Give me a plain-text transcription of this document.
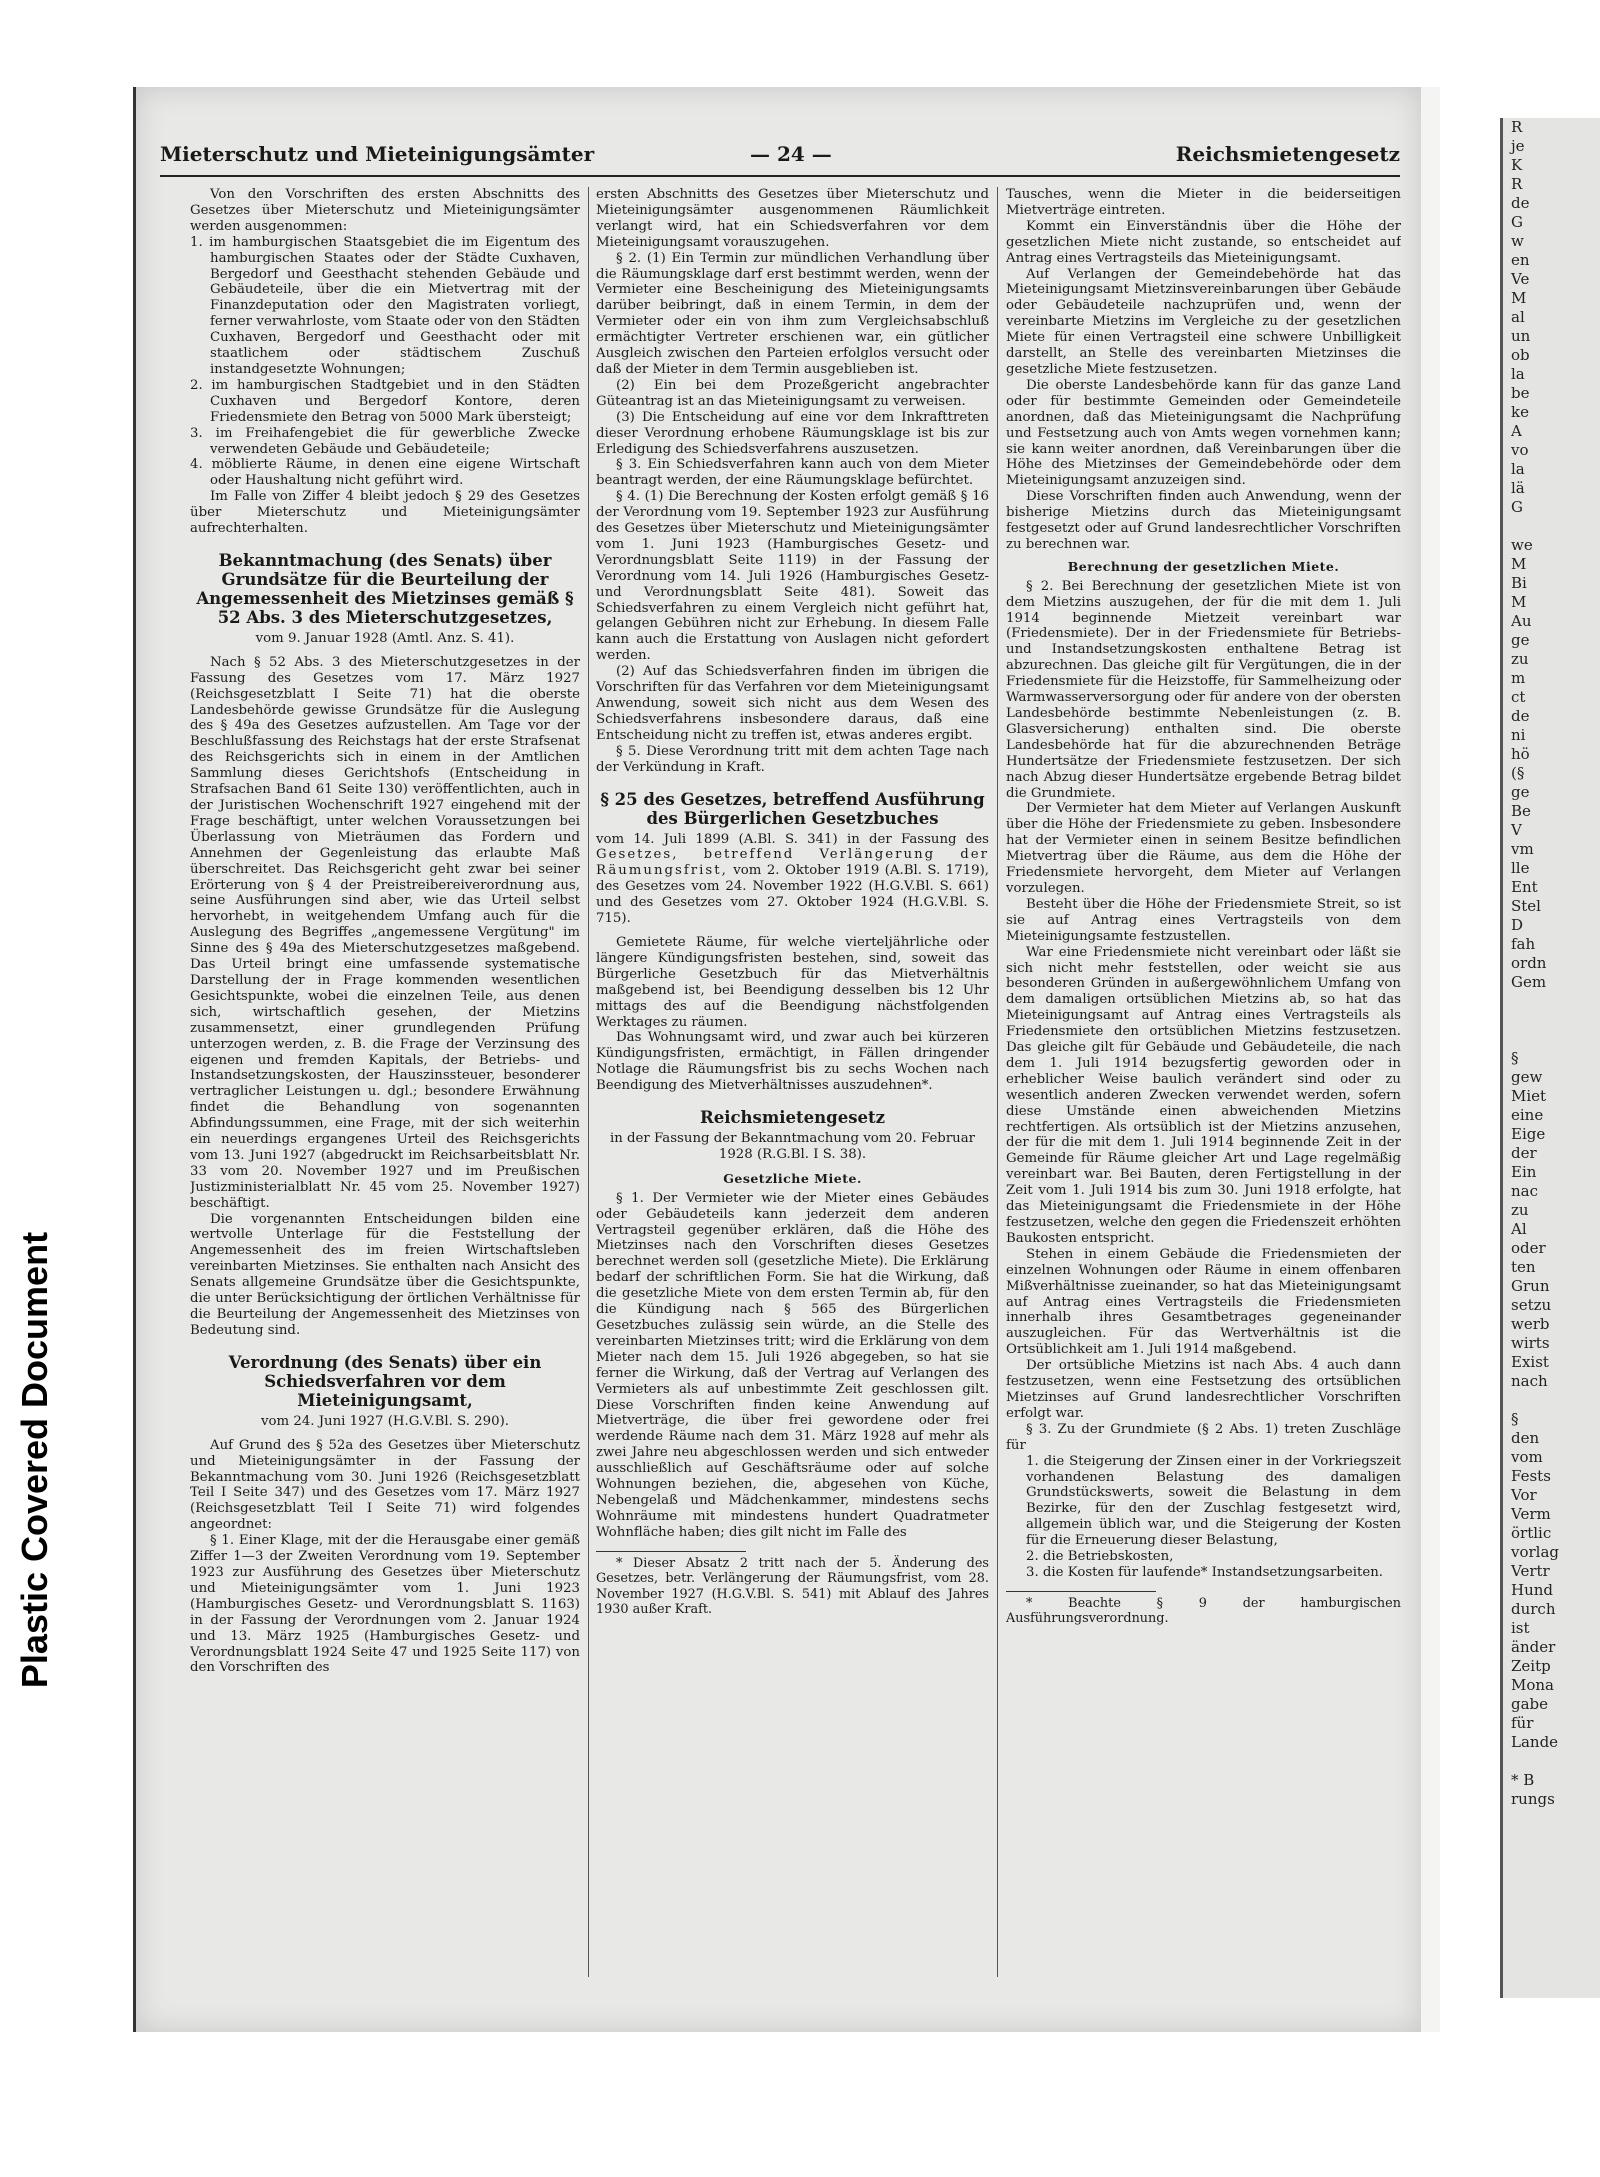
Plastic Covered Document
R
je
K
R
de
G
w
en
Ve
M
al
un
ob
la
be
ke
A
vo
la
lä
G

we
M
Bi
M
Au
ge
zu
m
ct
de
ni
hö
(§
ge
Be
V
vm
lle
Ent
Stel
D
fah
ordn
Gem

§
gew
Miet
eine
Eige
der
Ein
nac
zu
Al
oder
ten
Grun
setzu
werb
wirts
Exist
nach

§
den
vom
Fests
Vor
Verm
örtlic
vorlag
Vertr
Hund
durch
ist
änder
Zeitp
Mona
gabe
für
Lande

* B
rungs
Mieterschutz und Mieteinigungsämter	— 24 —	Reichsmietengesetz

Von den Vorschriften des ersten Abschnitts des Gesetzes über Mieterschutz und Mieteinigungsämter werden ausgenommen:

1. im hamburgischen Staatsgebiet die im Eigentum des hamburgischen Staates oder der Städte Cuxhaven, Bergedorf und Geesthacht stehenden Gebäude und Gebäudeteile, über die ein Mietvertrag mit der Finanzdeputation oder den Magistraten vorliegt, ferner verwahrloste, vom Staate oder von den Städten Cuxhaven, Bergedorf und Geesthacht oder mit staatlichem oder städtischem Zuschuß instandgesetzte Wohnungen;

2. im hamburgischen Stadtgebiet und in den Städten Cuxhaven und Bergedorf Kontore, deren Friedensmiete den Betrag von 5000 Mark übersteigt;

3. im Freihafengebiet die für gewerbliche Zwecke verwendeten Gebäude und Gebäudeteile;

4. möblierte Räume, in denen eine eigene Wirtschaft oder Haushaltung nicht geführt wird.

Im Falle von Ziffer 4 bleibt jedoch § 29 des Gesetzes über Mieterschutz und Mieteinigungsämter aufrechterhalten.

Bekanntmachung (des Senats) über Grundsätze für die Beurteilung der Angemessenheit des Mietzinses gemäß § 52 Abs. 3 des Mieterschutzgesetzes,
vom 9. Januar 1928 (Amtl. Anz. S. 41).

Nach § 52 Abs. 3 des Mieterschutzgesetzes in der Fassung des Gesetzes vom 17. März 1927 (Reichsgesetzblatt I Seite 71) hat die oberste Landesbehörde gewisse Grundsätze für die Auslegung des § 49a des Gesetzes aufzustellen. Am Tage vor der Beschlußfassung des Reichstags hat der erste Strafsenat des Reichsgerichts sich in einem in der Amtlichen Sammlung dieses Gerichtshofs (Entscheidung in Strafsachen Band 61 Seite 130) veröffentlichten, auch in der Juristischen Wochenschrift 1927 eingehend mit der Frage beschäftigt, unter welchen Voraussetzungen bei Überlassung von Mieträumen das Fordern und Annehmen der Gegenleistung das erlaubte Maß überschreitet. Das Reichsgericht geht zwar bei seiner Erörterung von § 4 der Preistreibereiverordnung aus, seine Ausführungen sind aber, wie das Urteil selbst hervorhebt, in weitgehendem Umfang auch für die Auslegung des Begriffes „angemessene Vergütung" im Sinne des § 49a des Mieterschutzgesetzes maßgebend. Das Urteil bringt eine umfassende systematische Darstellung der in Frage kommenden wesentlichen Gesichtspunkte, wobei die einzelnen Teile, aus denen sich, wirtschaftlich gesehen, der Mietzins zusammensetzt, einer grundlegenden Prüfung unterzogen werden, z. B. die Frage der Verzinsung des eigenen und fremden Kapitals, der Betriebs- und Instandsetzungskosten, der Hauszinssteuer, besonderer vertraglicher Leistungen u. dgl.; besondere Erwähnung findet die Behandlung von sogenannten Abfindungssummen, eine Frage, mit der sich weiterhin ein neuerdings ergangenes Urteil des Reichsgerichts vom 13. Juni 1927 (abgedruckt im Reichsarbeitsblatt Nr. 33 vom 20. November 1927 und im Preußischen Justizministerialblatt Nr. 45 vom 25. November 1927) beschäftigt.

Die vorgenannten Entscheidungen bilden eine wertvolle Unterlage für die Feststellung der Angemessenheit des im freien Wirtschaftsleben vereinbarten Mietzinses. Sie enthalten nach Ansicht des Senats allgemeine Grundsätze über die Gesichtspunkte, die unter Berücksichtigung der örtlichen Verhältnisse für die Beurteilung der Angemessenheit des Mietzinses von Bedeutung sind.

Verordnung (des Senats) über ein Schiedsverfahren vor dem Mieteinigungsamt,
vom 24. Juni 1927 (H.G.V.Bl. S. 290).

Auf Grund des § 52a des Gesetzes über Mieterschutz und Mieteinigungsämter in der Fassung der Bekanntmachung vom 30. Juni 1926 (Reichsgesetzblatt Teil I Seite 347) und des Gesetzes vom 17. März 1927 (Reichsgesetzblatt Teil I Seite 71) wird folgendes angeordnet:

§ 1. Einer Klage, mit der die Herausgabe einer gemäß Ziffer 1—3 der Zweiten Verordnung vom 19. September 1923 zur Ausführung des Gesetzes über Mieterschutz und Mieteinigungsämter vom 1. Juni 1923 (Hamburgisches Gesetz- und Verordnungsblatt S. 1163) in der Fassung der Verordnungen vom 2. Januar 1924 und 13. März 1925 (Hamburgisches Gesetz- und Verordnungsblatt 1924 Seite 47 und 1925 Seite 117) von den Vorschriften des

ersten Abschnitts des Gesetzes über Mieterschutz und Mieteinigungsämter ausgenommenen Räumlichkeit verlangt wird, hat ein Schiedsverfahren vor dem Mieteinigungsamt vorauszugehen.

§ 2. (1) Ein Termin zur mündlichen Verhandlung über die Räumungsklage darf erst bestimmt werden, wenn der Vermieter eine Bescheinigung des Mieteinigungsamts darüber beibringt, daß in einem Termin, in dem der Vermieter oder ein von ihm zum Vergleichsabschluß ermächtigter Vertreter erschienen war, ein gütlicher Ausgleich zwischen den Parteien erfolglos versucht oder daß der Mieter in dem Termin ausgeblieben ist.

(2) Ein bei dem Prozeßgericht angebrachter Güteantrag ist an das Mieteinigungsamt zu verweisen.

(3) Die Entscheidung auf eine vor dem Inkrafttreten dieser Verordnung erhobene Räumungsklage ist bis zur Erledigung des Schiedsverfahrens auszusetzen.

§ 3. Ein Schiedsverfahren kann auch von dem Mieter beantragt werden, der eine Räumungsklage befürchtet.

§ 4. (1) Die Berechnung der Kosten erfolgt gemäß § 16 der Verordnung vom 19. September 1923 zur Ausführung des Gesetzes über Mieterschutz und Mieteinigungsämter vom 1. Juni 1923 (Hamburgisches Gesetz- und Verordnungsblatt Seite 1119) in der Fassung der Verordnung vom 14. Juli 1926 (Hamburgisches Gesetz- und Verordnungsblatt Seite 481). Soweit das Schiedsverfahren zu einem Vergleich nicht geführt hat, gelangen Gebühren nicht zur Erhebung. In diesem Falle kann auch die Erstattung von Auslagen nicht gefordert werden.

(2) Auf das Schiedsverfahren finden im übrigen die Vorschriften für das Verfahren vor dem Mieteinigungsamt Anwendung, soweit sich nicht aus dem Wesen des Schiedsverfahrens insbesondere daraus, daß eine Entscheidung nicht zu treffen ist, etwas anderes ergibt.

§ 5. Diese Verordnung tritt mit dem achten Tage nach der Verkündung in Kraft.

§ 25 des Gesetzes, betreffend Ausführung des Bürgerlichen Gesetzbuches

vom 14. Juli 1899 (A.Bl. S. 341) in der Fassung des Gesetzes, betreffend Verlängerung der Räumungsfrist, vom 2. Oktober 1919 (A.Bl. S. 1719), des Gesetzes vom 24. November 1922 (H.G.V.Bl. S. 661) und des Gesetzes vom 27. Oktober 1924 (H.G.V.Bl. S. 715).

Gemietete Räume, für welche vierteljährliche oder längere Kündigungsfristen bestehen, sind, soweit das Bürgerliche Gesetzbuch für das Mietverhältnis maßgebend ist, bei Beendigung desselben bis 12 Uhr mittags des auf die Beendigung nächstfolgenden Werktages zu räumen.

Das Wohnungsamt wird, und zwar auch bei kürzeren Kündigungsfristen, ermächtigt, in Fällen dringender Notlage die Räumungsfrist bis zu sechs Wochen nach Beendigung des Mietverhältnisses auszudehnen*.

Reichsmietengesetz
in der Fassung der Bekanntmachung vom 20. Februar 1928 (R.G.Bl. I S. 38).
Gesetzliche Miete.

§ 1. Der Vermieter wie der Mieter eines Gebäudes oder Gebäudeteils kann jederzeit dem anderen Vertragsteil gegenüber erklären, daß die Höhe des Mietzinses nach den Vorschriften dieses Gesetzes berechnet werden soll (gesetzliche Miete). Die Erklärung bedarf der schriftlichen Form. Sie hat die Wirkung, daß die gesetzliche Miete von dem ersten Termin ab, für den die Kündigung nach § 565 des Bürgerlichen Gesetzbuches zulässig sein würde, an die Stelle des vereinbarten Mietzinses tritt; wird die Erklärung von dem Mieter nach dem 15. Juli 1926 abgegeben, so hat sie ferner die Wirkung, daß der Vertrag auf Verlangen des Vermieters als auf unbestimmte Zeit geschlossen gilt. Diese Vorschriften finden keine Anwendung auf Mietverträge, die über frei gewordene oder frei werdende Räume nach dem 31. März 1928 auf mehr als zwei Jahre neu abgeschlossen werden und sich entweder ausschließlich auf Geschäftsräume oder auf solche Wohnungen beziehen, die, abgesehen von Küche, Nebengelaß und Mädchenkammer, mindestens sechs Wohnräume mit mindestens hundert Quadratmeter Wohnfläche haben; dies gilt nicht im Falle des

* Dieser Absatz 2 tritt nach der 5. Änderung des Gesetzes, betr. Verlängerung der Räumungsfrist, vom 28. November 1927 (H.G.V.Bl. S. 541) mit Ablauf des Jahres 1930 außer Kraft.

Tausches, wenn die Mieter in die beiderseitigen Mietverträge eintreten.

Kommt ein Einverständnis über die Höhe der gesetzlichen Miete nicht zustande, so entscheidet auf Antrag eines Vertragsteils das Mieteinigungsamt.

Auf Verlangen der Gemeindebehörde hat das Mieteinigungsamt Mietzinsvereinbarungen über Gebäude oder Gebäudeteile nachzuprüfen und, wenn der vereinbarte Mietzins im Vergleiche zu der gesetzlichen Miete für einen Vertragsteil eine schwere Unbilligkeit darstellt, an Stelle des vereinbarten Mietzinses die gesetzliche Miete festzusetzen.

Die oberste Landesbehörde kann für das ganze Land oder für bestimmte Gemeinden oder Gemeindeteile anordnen, daß das Mieteinigungsamt die Nachprüfung und Festsetzung auch von Amts wegen vornehmen kann; sie kann weiter anordnen, daß Vereinbarungen über die Höhe des Mietzinses der Gemeindebehörde oder dem Mieteinigungsamt anzuzeigen sind.

Diese Vorschriften finden auch Anwendung, wenn der bisherige Mietzins durch das Mieteinigungsamt festgesetzt oder auf Grund landesrechtlicher Vorschriften zu berechnen war.

Berechnung der gesetzlichen Miete.

§ 2. Bei Berechnung der gesetzlichen Miete ist von dem Mietzins auszugehen, der für die mit dem 1. Juli 1914 beginnende Mietzeit vereinbart war (Friedensmiete). Der in der Friedensmiete für Betriebs- und Instandsetzungskosten enthaltene Betrag ist abzurechnen. Das gleiche gilt für Vergütungen, die in der Friedensmiete für die Heizstoffe, für Sammelheizung oder Warmwasserversorgung oder für andere von der obersten Landesbehörde bestimmte Nebenleistungen (z. B. Glasversicherung) enthalten sind. Die oberste Landesbehörde hat für die abzurechnenden Beträge Hundertsätze der Friedensmiete festzusetzen. Der sich nach Abzug dieser Hundertsätze ergebende Betrag bildet die Grundmiete.

Der Vermieter hat dem Mieter auf Verlangen Auskunft über die Höhe der Friedensmiete zu geben. Insbesondere hat der Vermieter einen in seinem Besitze befindlichen Mietvertrag über die Räume, aus dem die Höhe der Friedensmiete hervorgeht, dem Mieter auf Verlangen vorzulegen.

Besteht über die Höhe der Friedensmiete Streit, so ist sie auf Antrag eines Vertragsteils von dem Mieteinigungsamte festzustellen.

War eine Friedensmiete nicht vereinbart oder läßt sie sich nicht mehr feststellen, oder weicht sie aus besonderen Gründen in außergewöhnlichem Umfang von dem damaligen ortsüblichen Mietzins ab, so hat das Mieteinigungsamt auf Antrag eines Vertragsteils als Friedensmiete den ortsüblichen Mietzins festzusetzen. Das gleiche gilt für Gebäude und Gebäudeteile, die nach dem 1. Juli 1914 bezugsfertig geworden oder in erheblicher Weise baulich verändert sind oder zu wesentlich anderen Zwecken verwendet werden, sofern diese Umstände einen abweichenden Mietzins rechtfertigen. Als ortsüblich ist der Mietzins anzusehen, der für die mit dem 1. Juli 1914 beginnende Zeit in der Gemeinde für Räume gleicher Art und Lage regelmäßig vereinbart war. Bei Bauten, deren Fertigstellung in der Zeit vom 1. Juli 1914 bis zum 30. Juni 1918 erfolgte, hat das Mieteinigungsamt die Friedensmiete in der Höhe festzusetzen, welche den gegen die Friedenszeit erhöhten Baukosten entspricht.

Stehen in einem Gebäude die Friedensmieten der einzelnen Wohnungen oder Räume in einem offenbaren Mißverhältnisse zueinander, so hat das Mieteinigungsamt auf Antrag eines Vertragsteils die Friedensmieten innerhalb ihres Gesamtbetrages gegeneinander auszugleichen. Für das Wertverhältnis ist die Ortsüblichkeit am 1. Juli 1914 maßgebend.

Der ortsübliche Mietzins ist nach Abs. 4 auch dann festzusetzen, wenn eine Festsetzung des ortsüblichen Mietzinses auf Grund landesrechtlicher Vorschriften erfolgt war.

§ 3. Zu der Grundmiete (§ 2 Abs. 1) treten Zuschläge für

1. die Steigerung der Zinsen einer in der Vorkriegszeit vorhandenen Belastung des damaligen Grundstückswerts, soweit die Belastung in dem Bezirke, für den der Zuschlag festgesetzt wird, allgemein üblich war, und die Steigerung der Kosten für die Erneuerung dieser Belastung,

2. die Betriebskosten,

3. die Kosten für laufende* Instandsetzungsarbeiten.

* Beachte § 9 der hamburgischen Ausführungsverordnung.
